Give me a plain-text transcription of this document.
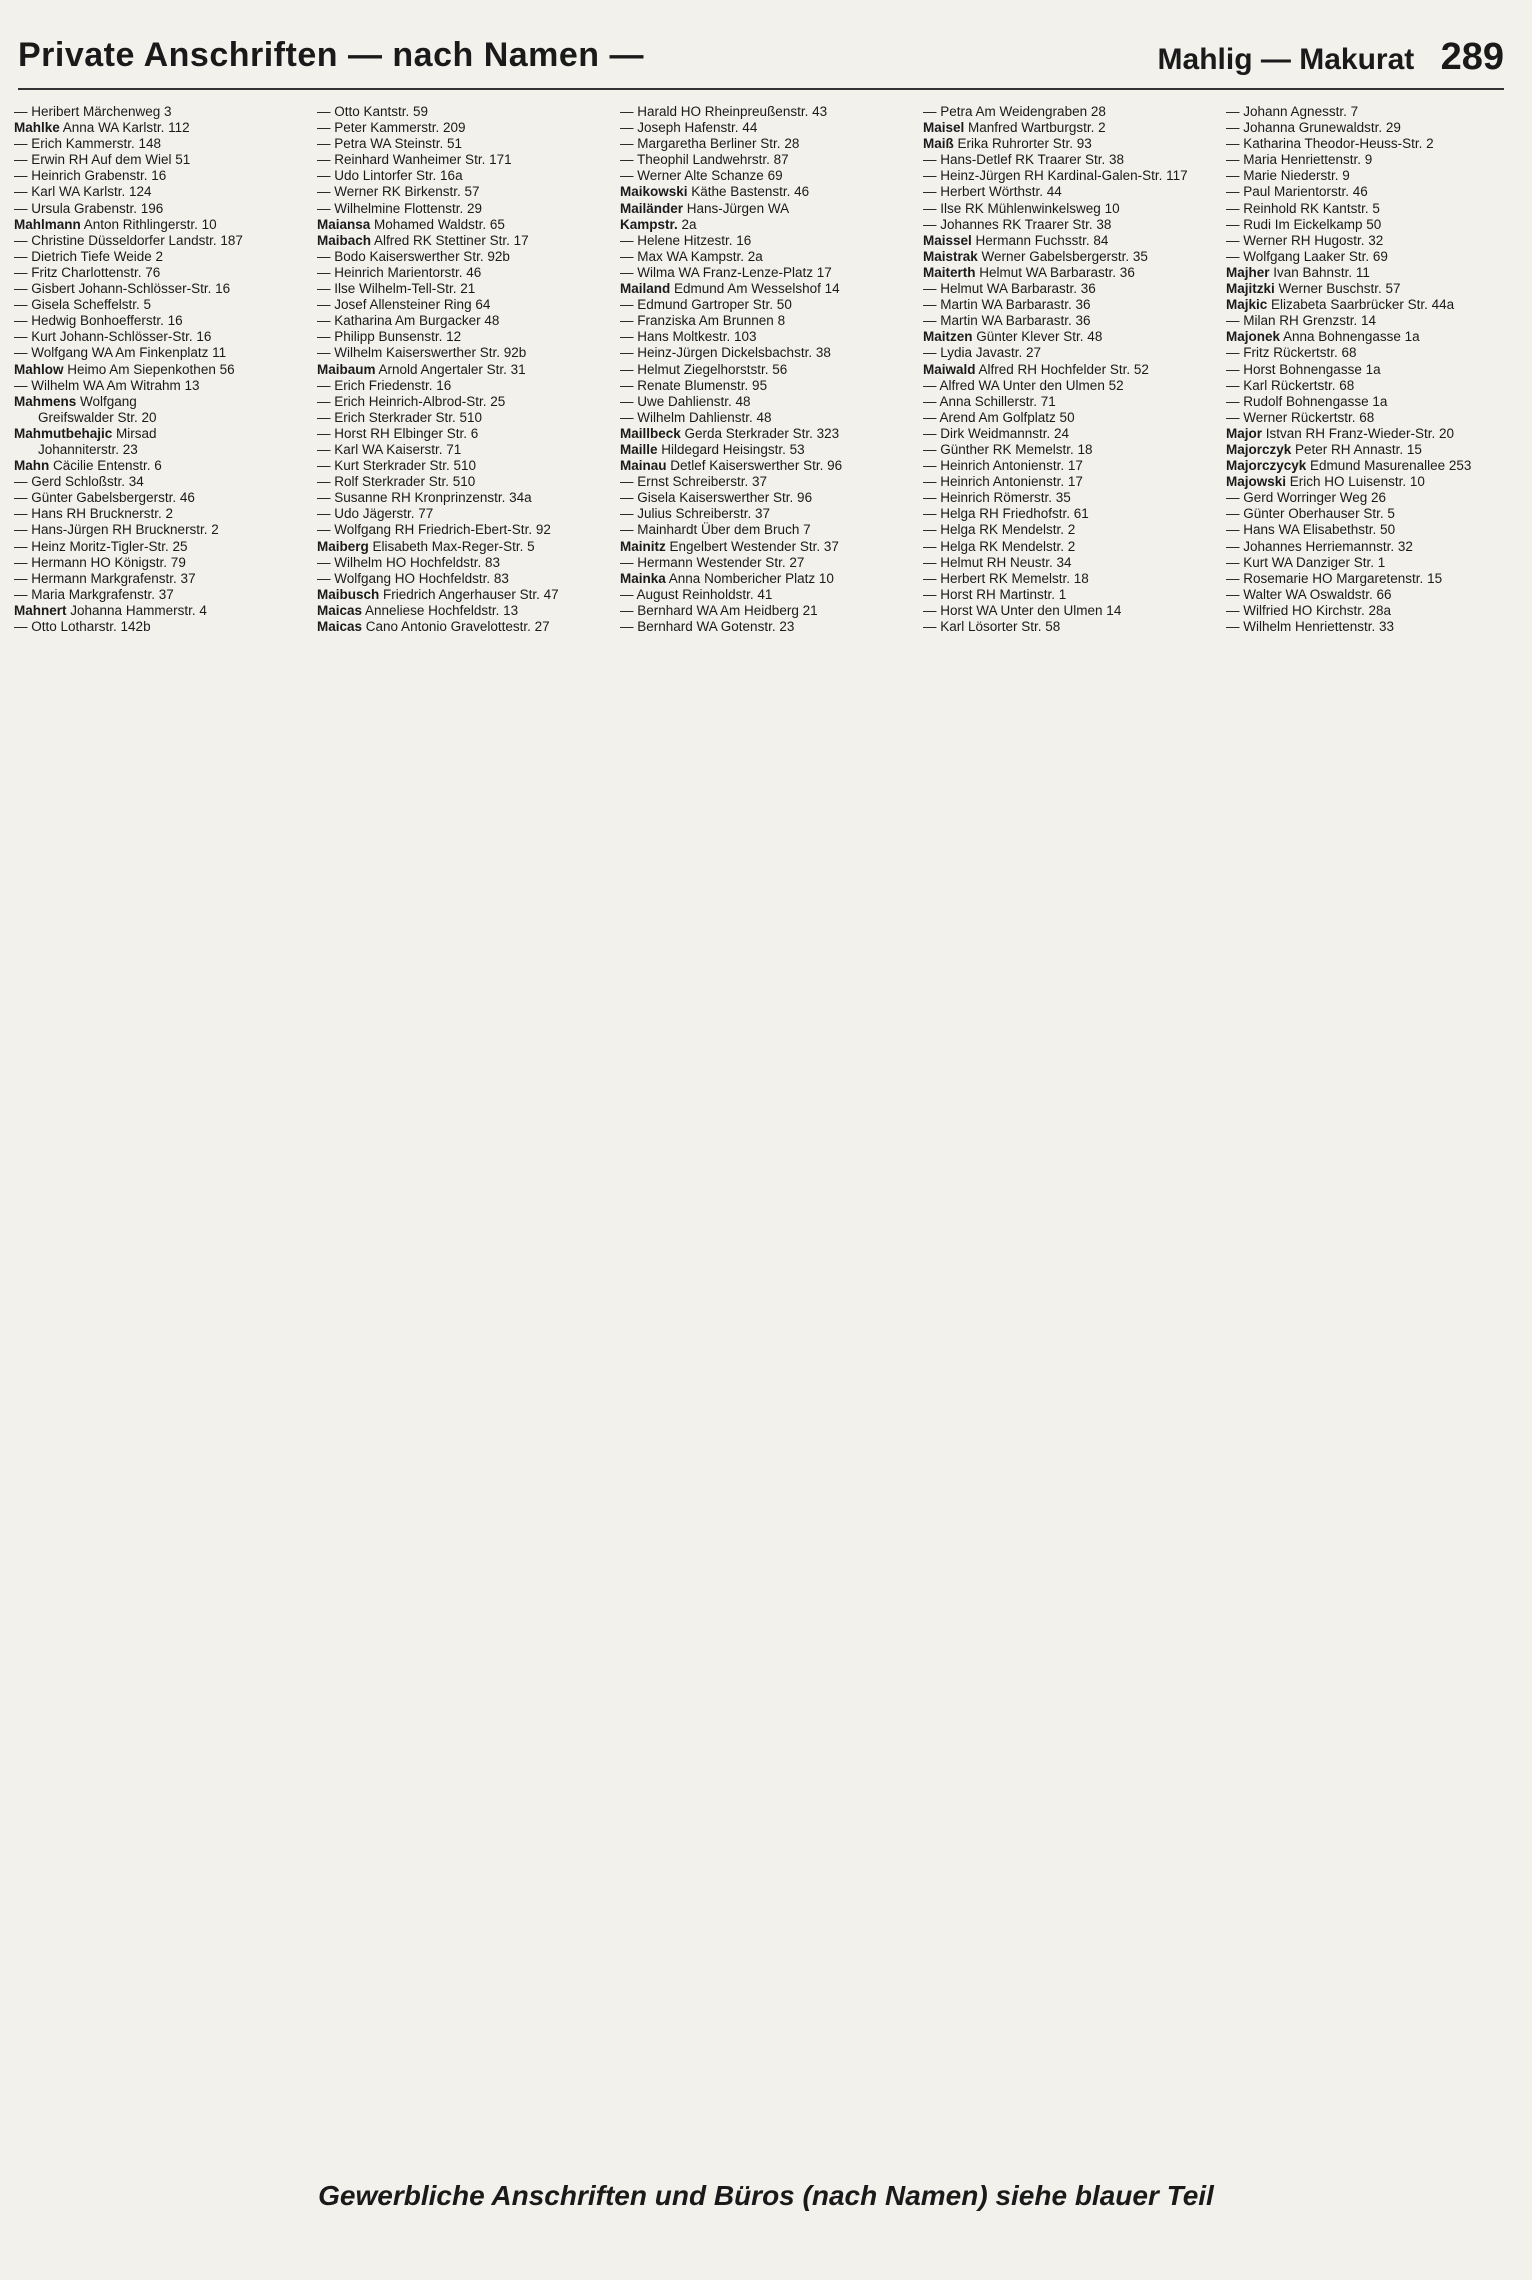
Private Anschriften — nach Namen —	Mahlig — Makurat 289
— Heribert Märchenweg 3
Mahlke Anna WA Karlstr. 112
— Erich Kammerstr. 148
— Erwin RH Auf dem Wiel 51
— Heinrich Grabenstr. 16
— Karl WA Karlstr. 124
— Ursula Grabenstr. 196
Mahlmann Anton Rithlingerstr. 10
— Christine Düsseldorfer Landstr. 187
— Dietrich Tiefe Weide 2
— Fritz Charlottenstr. 76
— Gisbert Johann-Schlösser-Str. 16
— Gisela Scheffelstr. 5
— Hedwig Bonhoefferstr. 16
— Kurt Johann-Schlösser-Str. 16
— Wolfgang WA Am Finkenplatz 11
Mahlow Heimo Am Siepenkothen 56
— Wilhelm WA Am Witrahm 13
Mahmens Wolfgang
Greifswalder Str. 20
Mahmutbehajic Mirsad
Johanniterstr. 23
Mahn Cäcilie Entenstr. 6
— Gerd Schloßstr. 34
— Günter Gabelsbergerstr. 46
— Hans RH Brucknerstr. 2
— Hans-Jürgen RH Brucknerstr. 2
— Heinz Moritz-Tigler-Str. 25
— Hermann HO Königstr. 79
— Hermann Markgrafenstr. 37
— Maria Markgrafenstr. 37
Mahnert Johanna Hammerstr. 4
— Otto Lotharstr. 142b
— Otto Kantstr. 59
— Peter Kammerstr. 209
— Petra WA Steinstr. 51
— Reinhard Wanheimer Str. 171
— Udo Lintorfer Str. 16a
— Werner RK Birkenstr. 57
— Wilhelmine Flottenstr. 29
Maiansa Mohamed Waldstr. 65
Maibach Alfred RK Stettiner Str. 17
— Bodo Kaiserswerther Str. 92b
— Heinrich Marientorstr. 46
— Ilse Wilhelm-Tell-Str. 21
— Josef Allensteiner Ring 64
— Katharina Am Burgacker 48
— Philipp Bunsenstr. 12
— Wilhelm Kaiserswerther Str. 92b
Maibaum Arnold Angertaler Str. 31
— Erich Friedenstr. 16
— Erich Heinrich-Albrod-Str. 25
— Erich Sterkrader Str. 510
— Horst RH Elbinger Str. 6
— Karl WA Kaiserstr. 71
— Kurt Sterkrader Str. 510
— Rolf Sterkrader Str. 510
— Susanne RH Kronprinzenstr. 34a
— Udo Jägerstr. 77
— Wolfgang RH Friedrich-Ebert-Str. 92
Maiberg Elisabeth Max-Reger-Str. 5
— Wilhelm HO Hochfeldstr. 83
— Wolfgang HO Hochfeldstr. 83
Maibusch Friedrich Angerhauser Str. 47
Maicas Anneliese Hochfeldstr. 13
Maicas Cano Antonio Gravelottestr. 27
— Harald HO Rheinpreußenstr. 43
— Joseph Hafenstr. 44
— Margaretha Berliner Str. 28
— Theophil Landwehrstr. 87
— Werner Alte Schanze 69
Maikowski Käthe Bastenstr. 46
Mailänder Hans-Jürgen WA
Kampstr. 2a
— Helene Hitzestr. 16
— Max WA Kampstr. 2a
— Wilma WA Franz-Lenze-Platz 17
Mailand Edmund Am Wesselshof 14
— Edmund Gartroper Str. 50
— Franziska Am Brunnen 8
— Hans Moltkestr. 103
— Heinz-Jürgen Dickelsbachstr. 38
— Helmut Ziegelhorststr. 56
— Renate Blumenstr. 95
— Uwe Dahlienstr. 48
— Wilhelm Dahlienstr. 48
Maillbeck Gerda Sterkrader Str. 323
Maille Hildegard Heisingstr. 53
Mainau Detlef Kaiserswerther Str. 96
— Ernst Schreiberstr. 37
— Gisela Kaiserswerther Str. 96
— Julius Schreiberstr. 37
— Mainhardt Über dem Bruch 7
Mainitz Engelbert Westender Str. 37
— Hermann Westender Str. 27
Mainka Anna Nombericher Platz 10
— August Reinholdstr. 41
— Bernhard WA Am Heidberg 21
— Bernhard WA Gotenstr. 23
— Petra Am Weidengraben 28
Maisel Manfred Wartburgstr. 2
Maiß Erika Ruhrorter Str. 93
— Hans-Detlef RK Traarer Str. 38
— Heinz-Jürgen RH Kardinal-Galen-Str. 117
— Herbert Wörthstr. 44
— Ilse RK Mühlenwinkelsweg 10
— Johannes RK Traarer Str. 38
Maissel Hermann Fuchsstr. 84
Maistrak Werner Gabelsbergerstr. 35
Maiterth Helmut WA Barbarastr. 36
— Helmut WA Barbarastr. 36
— Martin WA Barbarastr. 36
— Martin WA Barbarastr. 36
Maitzen Günter Klever Str. 48
— Lydia Javastr. 27
Maiwald Alfred RH Hochfelder Str. 52
— Alfred WA Unter den Ulmen 52
— Anna Schillerstr. 71
— Arend Am Golfplatz 50
— Dirk Weidmannstr. 24
— Günther RK Memelstr. 18
— Heinrich Antonienstr. 17
— Heinrich Antonienstr. 17
— Heinrich Römerstr. 35
— Helga RH Friedhofstr. 61
— Helga RK Mendelstr. 2
— Helga RK Mendelstr. 2
— Helmut RH Neustr. 34
— Herbert RK Memelstr. 18
— Horst RH Martinstr. 1
— Horst WA Unter den Ulmen 14
— Karl Lösorter Str. 58
— Johann Agnesstr. 7
— Johanna Grunewaldstr. 29
— Katharina Theodor-Heuss-Str. 2
— Maria Henriettenstr. 9
— Marie Niederstr. 9
— Paul Marientorstr. 46
— Reinhold RK Kantstr. 5
— Rudi Im Eickelkamp 50
— Werner RH Hugostr. 32
— Wolfgang Laaker Str. 69
Majher Ivan Bahnstr. 11
Majitzki Werner Buschstr. 57
Majkic Elizabeta Saarbrücker Str. 44a
— Milan RH Grenzstr. 14
Majonek Anna Bohnengasse 1a
— Fritz Rückertstr. 68
— Horst Bohnengasse 1a
— Karl Rückertstr. 68
— Rudolf Bohnengasse 1a
— Werner Rückertstr. 68
Major Istvan RH Franz-Wieder-Str. 20
Majorczyk Peter RH Annastr. 15
Majorczycyk Edmund Masurenallee 253
Majowski Erich HO Luisenstr. 10
— Gerd Worringer Weg 26
— Günter Oberhauser Str. 5
— Hans WA Elisabethstr. 50
— Johannes Herriemannstr. 32
— Kurt WA Danziger Str. 1
— Rosemarie HO Margaretenstr. 15
— Walter WA Oswaldstr. 66
— Wilfried HO Kirchstr. 28a
— Wilhelm Henriettenstr. 33
Gewerbliche Anschriften und Büros (nach Namen) siehe blauer Teil
